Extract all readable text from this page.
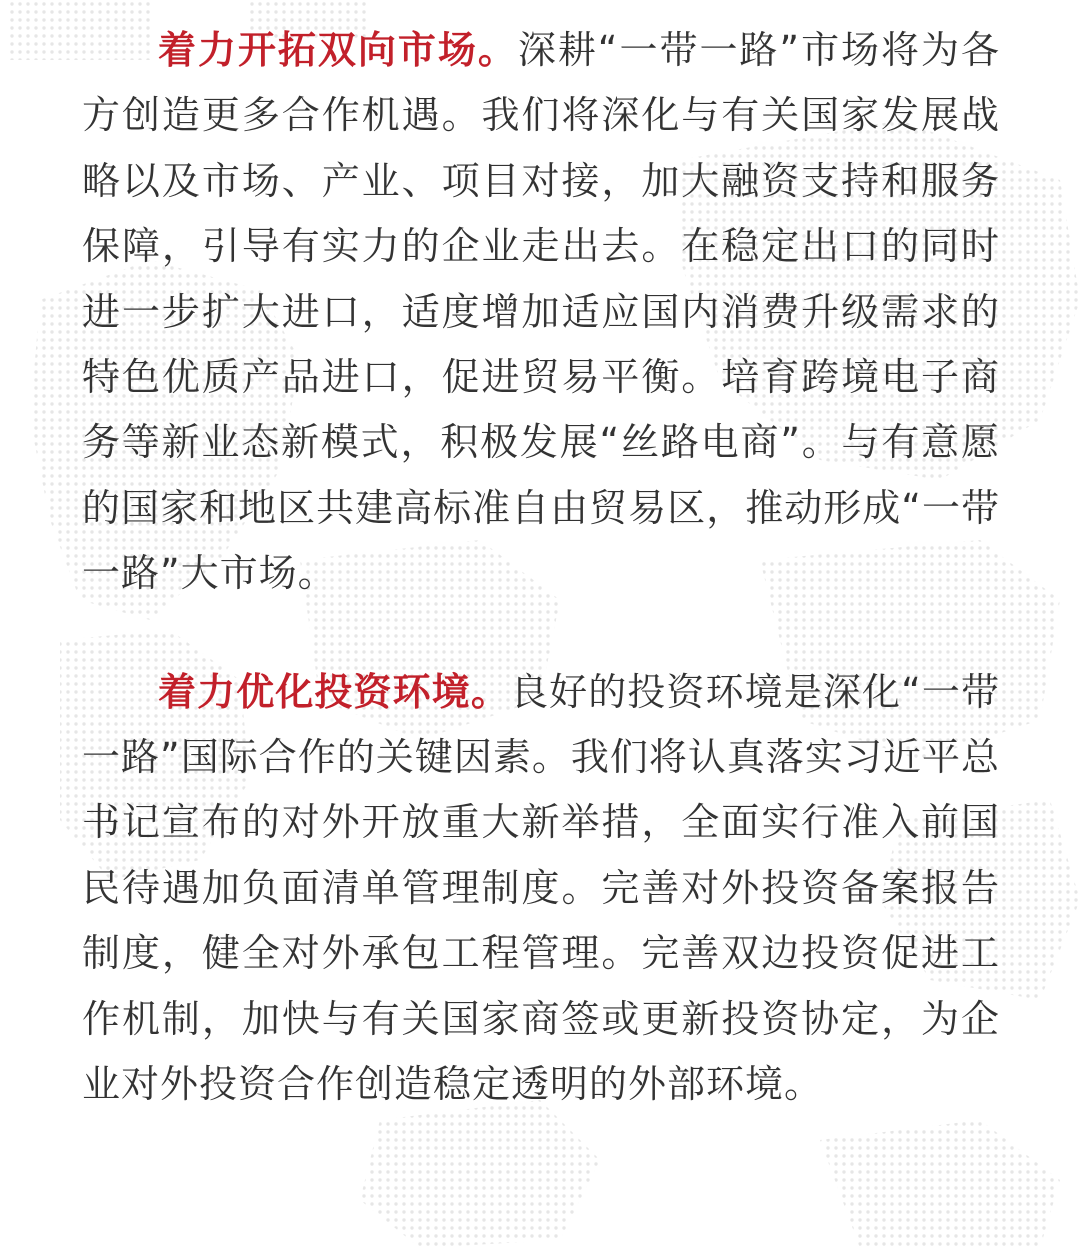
着力开拓双向市场。深耕“一带一路”市场将为各方创造更多合作机遇。我们将深化与有关国家发展战略以及市场、产业、项目对接，加大融资支持和服务保障，引导有实力的企业走出去。在稳定出口的同时进一步扩大进口，适度增加适应国内消费升级需求的特色优质产品进口，促进贸易平衡。培育跨境电子商务等新业态新模式，积极发展“丝路电商”。与有意愿的国家和地区共建高标准自由贸易区，推动形成“一带一路”大市场。

着力优化投资环境。良好的投资环境是深化“一带一路”国际合作的关键因素。我们将认真落实习近平总书记宣布的对外开放重大新举措，全面实行准入前国民待遇加负面清单管理制度。完善对外投资备案报告制度，健全对外承包工程管理。完善双边投资促进工作机制，加快与有关国家商签或更新投资协定，为企业对外投资合作创造稳定透明的外部环境。
